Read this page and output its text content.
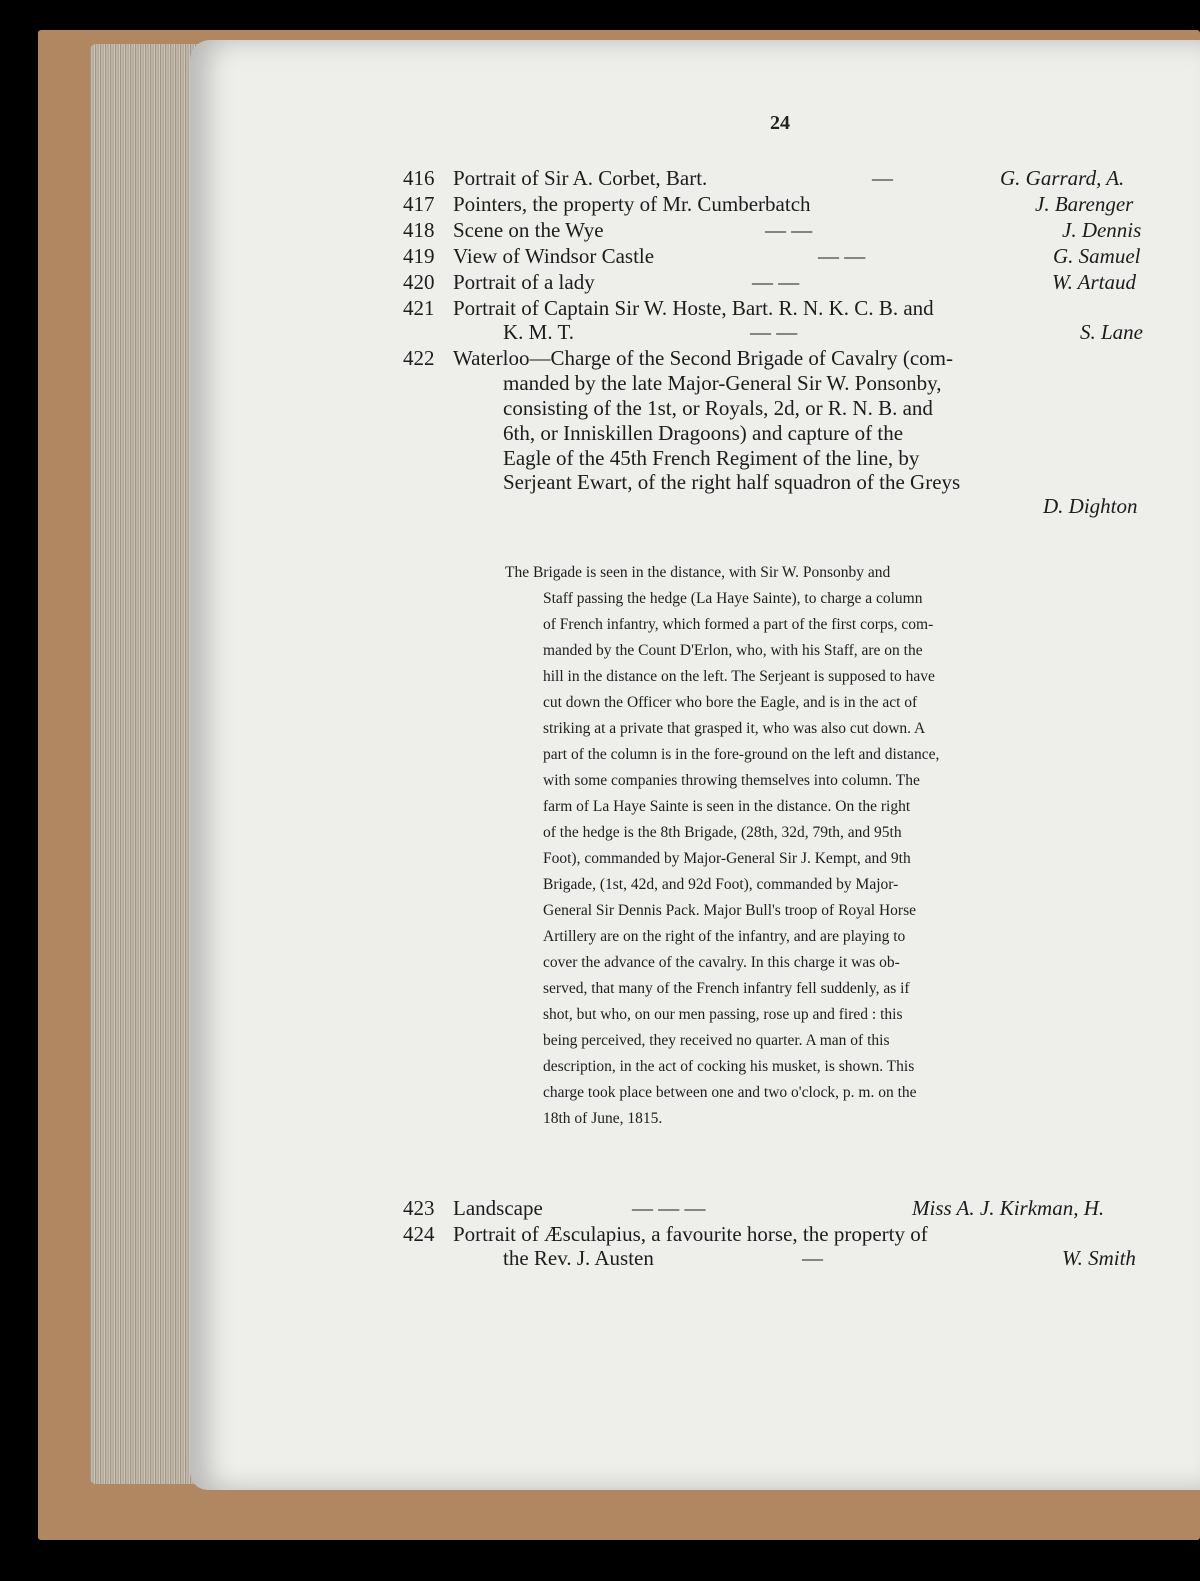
24
416 Portrait of Sir A. Corbet, Bart.	—	G. Garrard, A.
417 Pointers, the property of Mr. Cumberbatch	J. Barenger
418 Scene on the Wye	— —	J. Dennis
419 View of Windsor Castle	— —	G. Samuel
420 Portrait of a lady	— —	W. Artaud
421 Portrait of Captain Sir W. Hoste, Bart. R. N. K. C. B. and
K. M. T.	— —	S. Lane
422 Waterloo—Charge of the Second Brigade of Cavalry (com-
manded by the late Major-General Sir W. Ponsonby,
consisting of the 1st, or Royals, 2d, or R. N. B. and
6th, or Inniskillen Dragoons) and capture of the
Eagle of the 45th French Regiment of the line, by
Serjeant Ewart, of the right half squadron of the Greys
D. Dighton
The Brigade is seen in the distance, with Sir W. Ponsonby and
Staff passing the hedge (La Haye Sainte), to charge a column
of French infantry, which formed a part of the first corps, com-
manded by the Count D'Erlon, who, with his Staff, are on the
hill in the distance on the left. The Serjeant is supposed to have
cut down the Officer who bore the Eagle, and is in the act of
striking at a private that grasped it, who was also cut down. A
part of the column is in the fore-ground on the left and distance,
with some companies throwing themselves into column. The
farm of La Haye Sainte is seen in the distance. On the right
of the hedge is the 8th Brigade, (28th, 32d, 79th, and 95th
Foot), commanded by Major-General Sir J. Kempt, and 9th
Brigade, (1st, 42d, and 92d Foot), commanded by Major-
General Sir Dennis Pack. Major Bull's troop of Royal Horse
Artillery are on the right of the infantry, and are playing to
cover the advance of the cavalry. In this charge it was ob-
served, that many of the French infantry fell suddenly, as if
shot, but who, on our men passing, rose up and fired : this
being perceived, they received no quarter. A man of this
description, in the act of cocking his musket, is shown. This
charge took place between one and two o'clock, p. m. on the
18th of June, 1815.
423 Landscape	— — —	Miss A. J. Kirkman, H.
424 Portrait of Æsculapius, a favourite horse, the property of
the Rev. J. Austen	—	W. Smith
